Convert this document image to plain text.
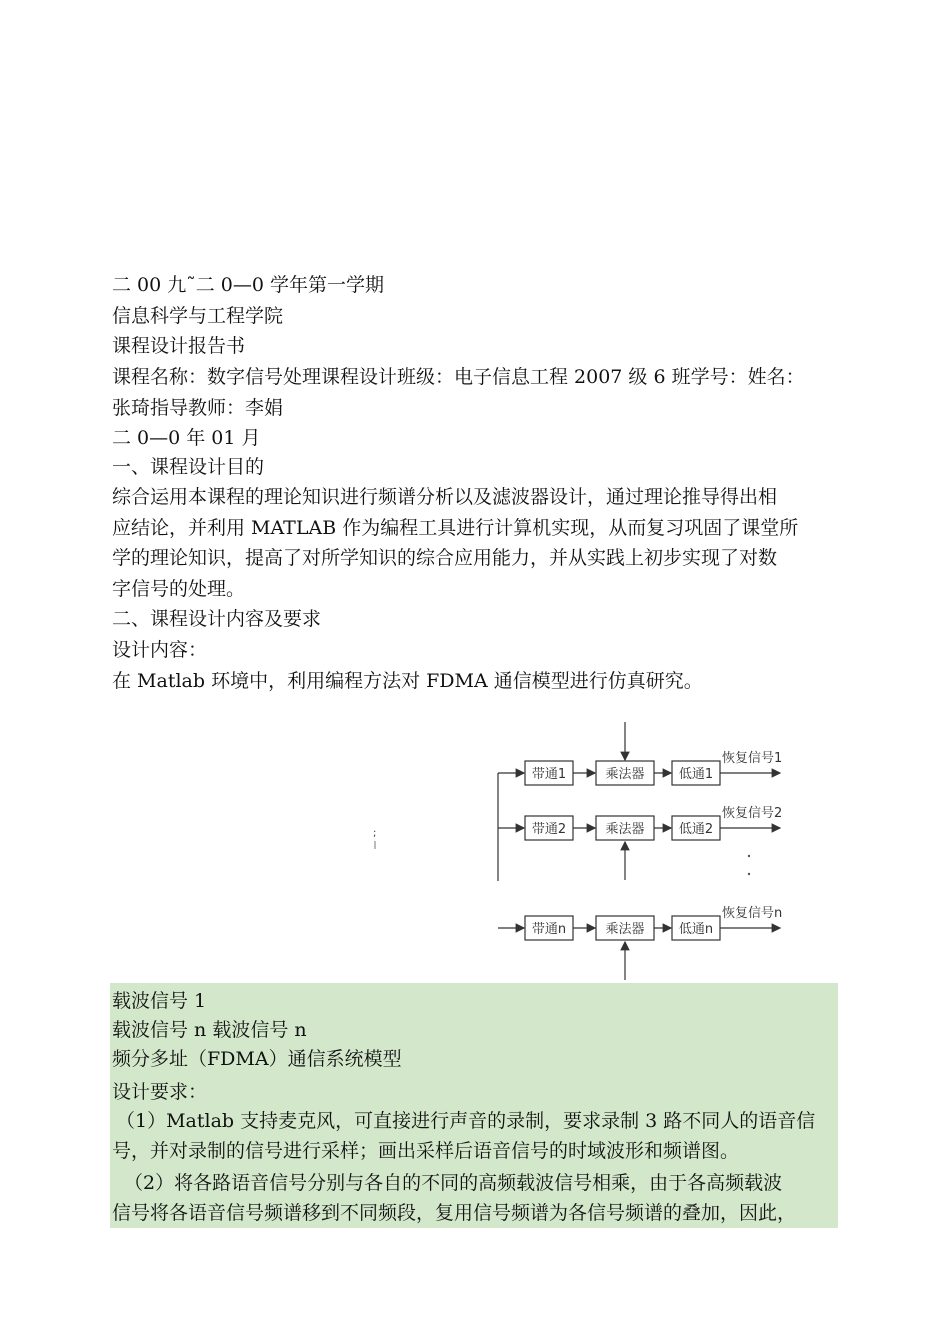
二 00 九˜二 0—0 学年第一学期
信息科学与工程学院
课程设计报告书
课程名称：数字信号处理课程设计班级：电子信息工程 2007 级 6 班学号：姓名：
张琦指导教师：李娟
二 0—0 年 01 月
一、课程设计目的
综合运用本课程的理论知识进行频谱分析以及滤波器设计，通过理论推导得出相
应结论，并利用 MATLAB 作为编程工具进行计算机实现，从而复习巩固了课堂所
学的理论知识，提高了对所学知识的综合应用能力，并从实践上初步实现了对数
字信号的处理。
二、课程设计内容及要求
设计内容：
在 Matlab 环境中，利用编程方法对 FDMA 通信模型进行仿真研究。
;
带通1	乘法器	低通1
恢复信号1
带通2	乘法器	低通2
恢复信号2
带通n	乘法器	低通n
恢复信号n
载波信号 1
载波信号 n 载波信号 n
频分多址（FDMA）通信系统模型
设计要求：
（1）Matlab 支持麦克风，可直接进行声音的录制，要求录制 3 路不同人的语音信
号，并对录制的信号进行采样；画出采样后语音信号的时域波形和频谱图。
（2）将各路语音信号分别与各自的不同的高频载波信号相乘，由于各高频载波
信号将各语音信号频谱移到不同频段，复用信号频谱为各信号频谱的叠加，因此，
